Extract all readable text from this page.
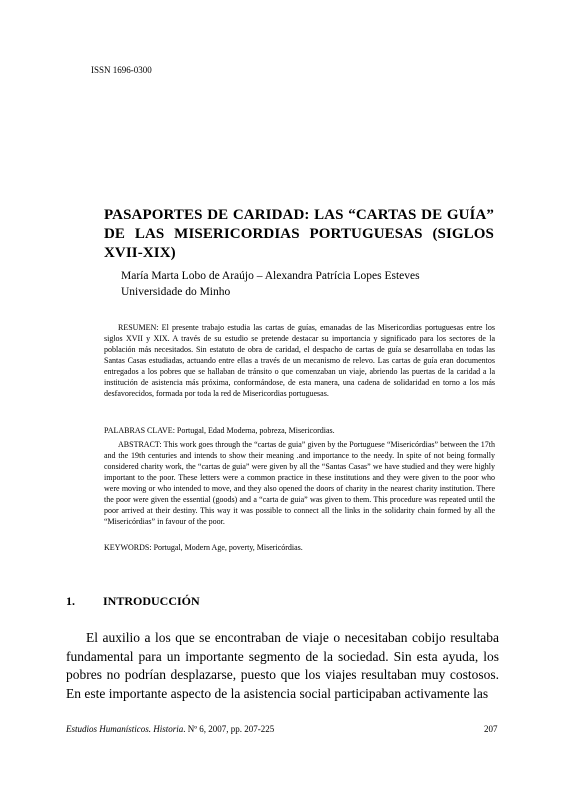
ISSN 1696-0300
PASAPORTES DE CARIDAD: LAS “CARTAS DE GUÍA” DE LAS MISERICORDIAS PORTUGUESAS (SIGLOS XVII-XIX)
María Marta Lobo de Araújo – Alexandra Patrícia Lopes Esteves
Universidade do Minho

RESUMEN: El presente trabajo estudia las cartas de guías, emanadas de las Misericordias portuguesas entre los siglos XVII y XIX. A través de su estudio se pretende destacar su importancia y significado para los sectores de la población más necesitados. Sin estatuto de obra de caridad, el despacho de cartas de guía se desarrollaba en todas las Santas Casas estudiadas, actuando entre ellas a través de un mecanismo de relevo. Las cartas de guía eran documentos entregados a los pobres que se hallaban de tránsito o que comenzaban un viaje, abriendo las puertas de la caridad a la institución de asistencia más próxima, conformándose, de esta manera, una cadena de solidaridad en torno a los más desfavorecidos, formada por toda la red de Misericordias portuguesas.

PALABRAS CLAVE: Portugal, Edad Moderna, pobreza, Misericordias.

ABSTRACT: This work goes through the “cartas de guia” given by the Portuguese “Misericórdias” between the 17th and the 19th centuries and intends to show their meaning .and importance to the needy. In spite of not being formally considered charity work, the “cartas de guia” were given by all the “Santas Casas” we have studied and they were highly important to the poor. These letters were a common practice in these institutions and they were given to the poor who were moving or who intended to move, and they also opened the doors of charity in the nearest charity institution. There the poor were given the essential (goods) and a “carta de guia” was given to them. This procedure was repeated until the poor arrived at their destiny. This way it was possible to connect all the links in the solidarity chain formed by all the “Misericórdias” in favour of the poor.

KEYWORDS: Portugal, Modern Age, poverty, Misericórdias.

1. INTRODUCCIÓN

El auxilio a los que se encontraban de viaje o necesitaban cobijo resultaba fundamental para un importante segmento de la sociedad. Sin esta ayuda, los pobres no podrían desplazarse, puesto que los viajes resultaban muy costosos. En este importante aspecto de la asistencia social participaban activamente las

Estudios Humanísticos. Historia. Nº 6, 2007, pp. 207-225	207
